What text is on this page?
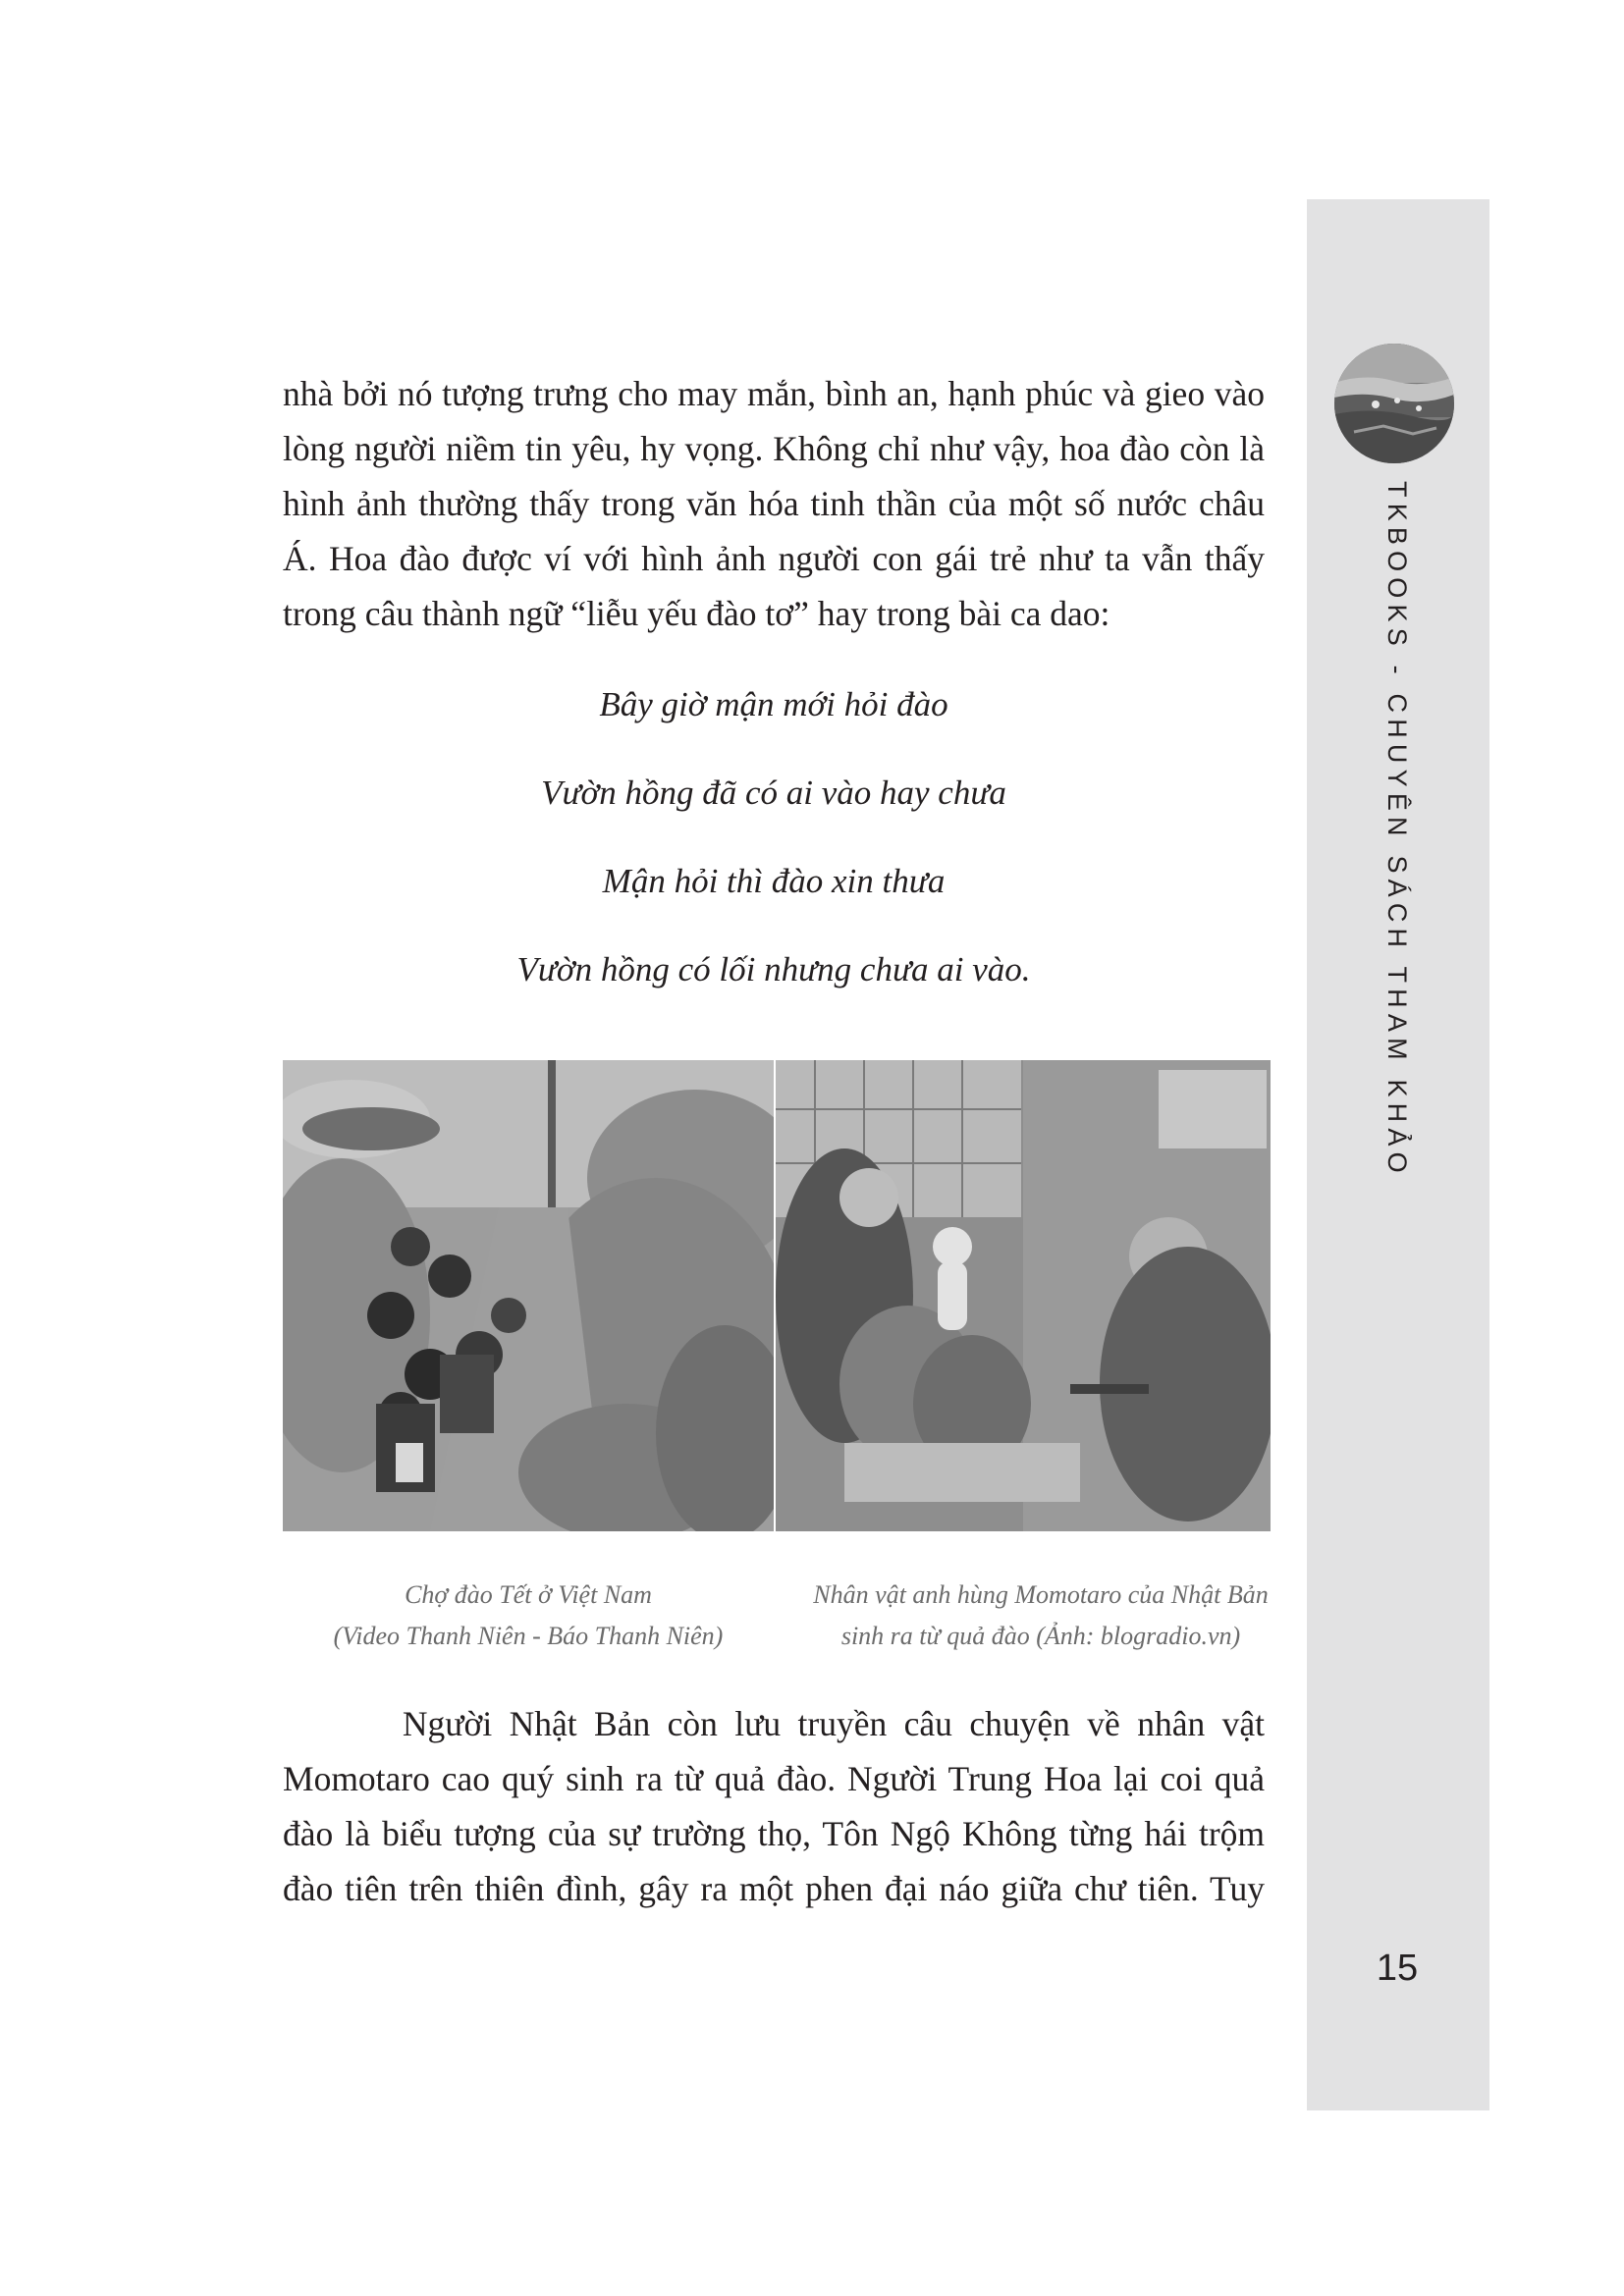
TKBOOKS - CHUYÊN SÁCH THAM KHẢO
15
nhà bởi nó tượng trưng cho may mắn, bình an, hạnh phúc và gieo vào
lòng người niềm tin yêu, hy vọng. Không chỉ như vậy, hoa đào còn là
hình ảnh thường thấy trong văn hóa tinh thần của một số nước châu
Á. Hoa đào được ví với hình ảnh người con gái trẻ như ta vẫn thấy
trong câu thành ngữ “liễu yếu đào tơ” hay trong bài ca dao:
Bây giờ mận mới hỏi đào
Vườn hồng đã có ai vào hay chưa
Mận hỏi thì đào xin thưa
Vườn hồng có lối nhưng chưa ai vào.
Chợ đào Tết ở Việt Nam
(Video Thanh Niên - Báo Thanh Niên)
Nhân vật anh hùng Momotaro của Nhật Bản
sinh ra từ quả đào (Ảnh: blogradio.vn)
Người Nhật Bản còn lưu truyền câu chuyện về nhân vật
Momotaro cao quý sinh ra từ quả đào. Người Trung Hoa lại coi quả
đào là biểu tượng của sự trường thọ, Tôn Ngộ Không từng hái trộm
đào tiên trên thiên đình, gây ra một phen đại náo giữa chư tiên. Tuy
